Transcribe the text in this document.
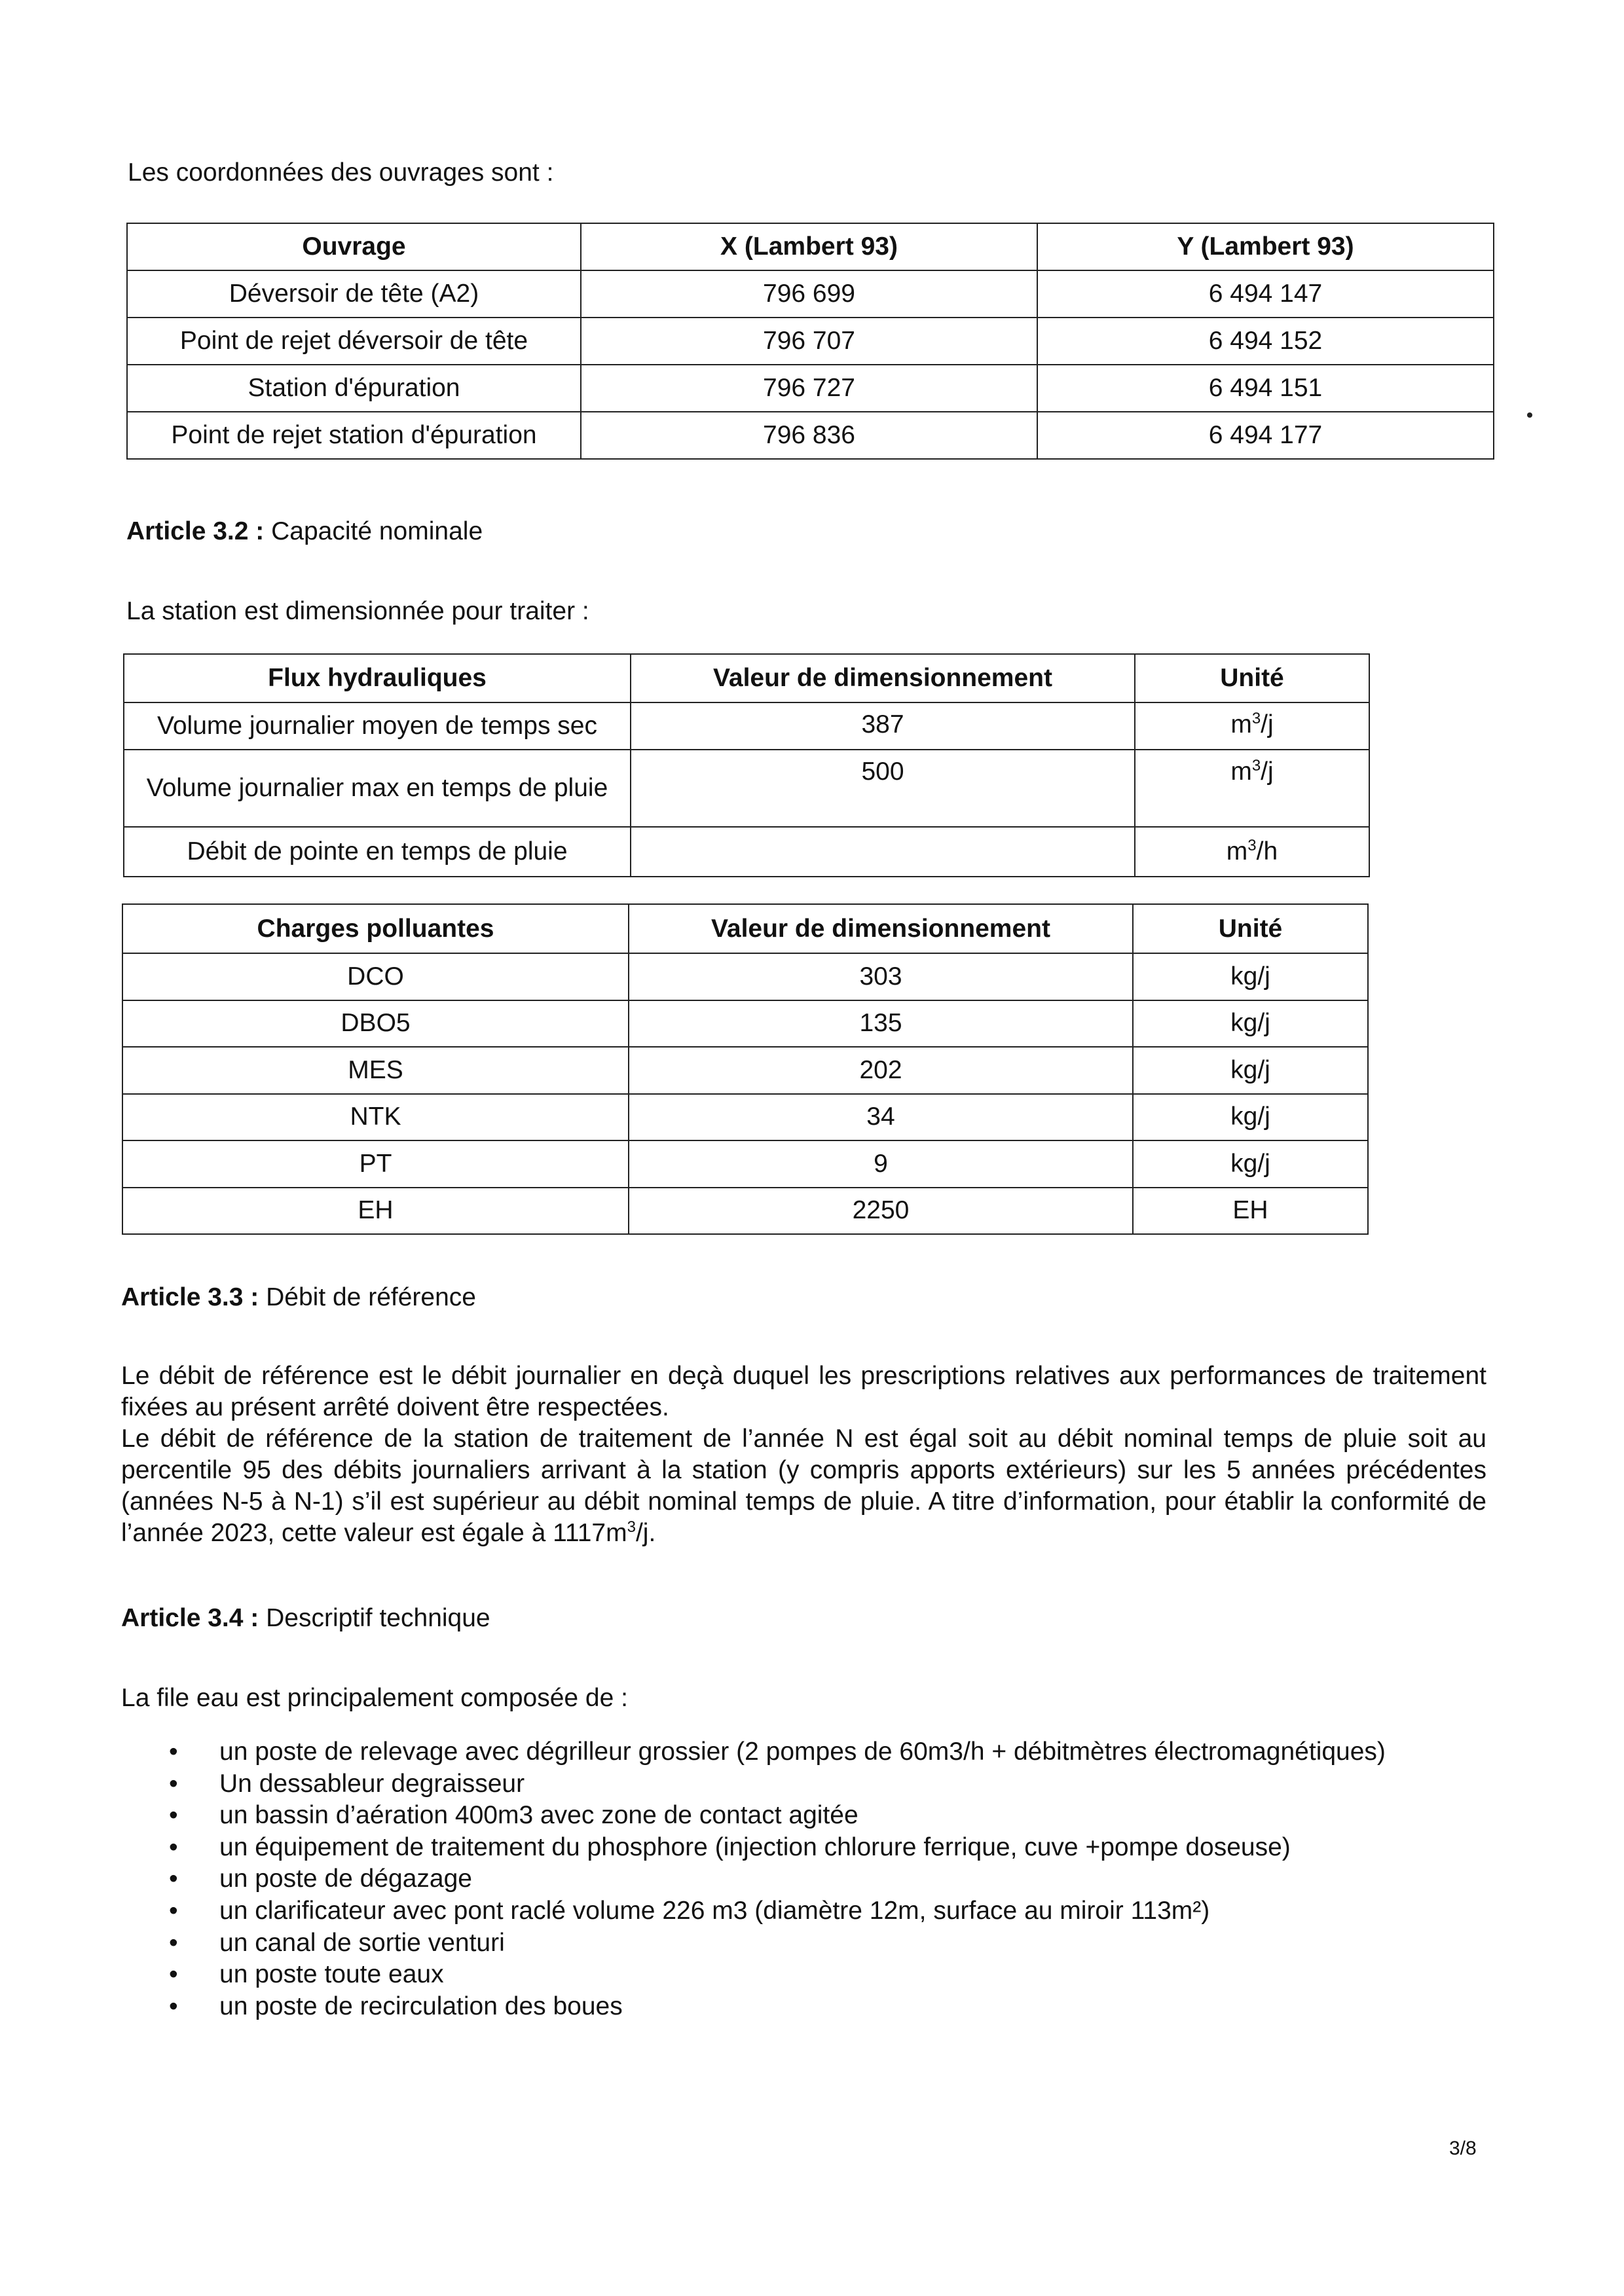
Les coordonnées des ouvrages sont :
Ouvrage	X (Lambert 93)	Y (Lambert 93)
Déversoir de tête (A2)	796 699	6 494 147
Point de rejet déversoir de tête	796 707	6 494 152
Station d'épuration	796 727	6 494 151
Point de rejet station d'épuration	796 836	6 494 177
Article 3.2 : Capacité nominale
La station est dimensionnée pour traiter :
Flux hydrauliques	Valeur de dimensionnement	Unité
Volume journalier moyen de temps sec	387	$m^3/j$
Volume journalier max en temps de pluie	500	$m^3/j$
Débit de pointe en temps de pluie		$m^3/h$
Charges polluantes	Valeur de dimensionnement	Unité
DCO	303	kg/j
DBO5	135	kg/j
MES	202	kg/j
NTK	34	kg/j
PT	9	kg/j
EH	2250	EH
Article 3.3 : Débit de référence
Le débit de référence est le débit journalier en deçà duquel les prescriptions relatives aux performances de traitement fixées au présent arrêté doivent être respectées.
Le débit de référence de la station de traitement de l’année N est égal soit au débit nominal temps de pluie soit au percentile 95 des débits journaliers arrivant à la station (y compris apports extérieurs) sur les 5 années précédentes (années N-5 à N-1) s’il est supérieur au débit nominal temps de pluie. A titre d’information, pour établir la conformité de l’année 2023, cette valeur est égale à $1117m^3/j$.
Article 3.4 : Descriptif technique
La file eau est principalement composée de :
• un poste de relevage avec dégrilleur grossier (2 pompes de 60m3/h + débitmètres électromagnétiques)
• Un dessableur degraisseur
• un bassin d’aération 400m3 avec zone de contact agitée
• un équipement de traitement du phosphore (injection chlorure ferrique, cuve +pompe doseuse)
• un poste de dégazage
• un clarificateur avec pont raclé volume 226 m3 (diamètre 12m, surface au miroir 113m²)
• un canal de sortie venturi
• un poste toute eaux
• un poste de recirculation des boues
3/8
